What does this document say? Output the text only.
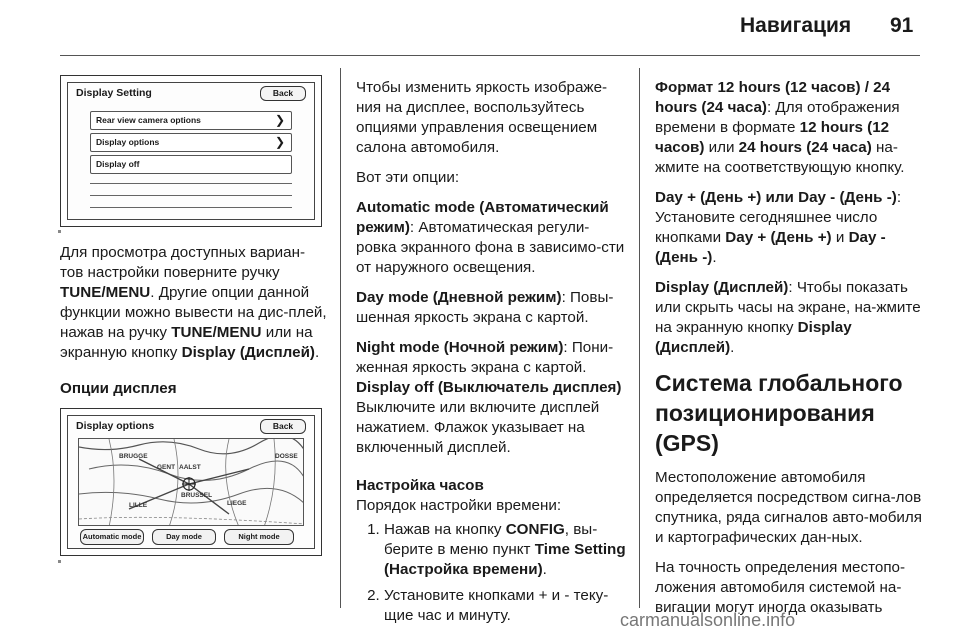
Навигация 91
Display Setting	Back
Rear view camera options	❯
Display options	❯
Display off

Для просмотра доступных вариан-тов настройки поверните ручку TUNE/MENU. Другие опции данной функции можно вывести на дис-плей, нажав на ручку TUNE/MENU или на экранную кнопку Display (Дисплей).

Опции дисплея

Display options	Back
BRUGGE
GENT AALST
BRUSSEL
LILLE	LIEGE
DOSSE
Automatic mode	Day mode	Night mode

Чтобы изменить яркость изображе-ния на дисплее, воспользуйтесь опциями управления освещением салона автомобиля.

Вот эти опции:

Automatic mode (Автоматический режим): Автоматическая регули-ровка экранного фона в зависимо-сти от наружного освещения.

Day mode (Дневной режим): Повы-шенная яркость экрана с картой.

Night mode (Ночной режим): Пони-женная яркость экрана с картой.

Display off (Выключатель дисплея)

Выключите или включите дисплей нажатием. Флажок указывает на включенный дисплей.

Настройка часов

Порядок настройки времени:

1. Нажав на кнопку CONFIG, вы-берите в меню пункт Time Setting (Настройка времени).
2. Установите кнопками + и - теку-щие час и минуту.

Формат 12 hours (12 часов) / 24 hours (24 часа): Для отображения времени в формате 12 hours (12 часов) или 24 hours (24 часа) на-жмите на соответствующую кнопку.

Day + (День +) или Day - (День -): Установите сегодняшнее число кнопками Day + (День +) и Day - (День -).

Display (Дисплей): Чтобы показать или скрыть часы на экране, на-жмите на экранную кнопку Display (Дисплей).

Система глобального позиционирования (GPS)

Местоположение автомобиля определяется посредством сигна-лов спутника, ряда сигналов авто-мобиля и картографических дан-ных.

На точность определения местопо-ложения автомобиля системой на-вигации могут иногда оказывать

carmanualsonline.info
